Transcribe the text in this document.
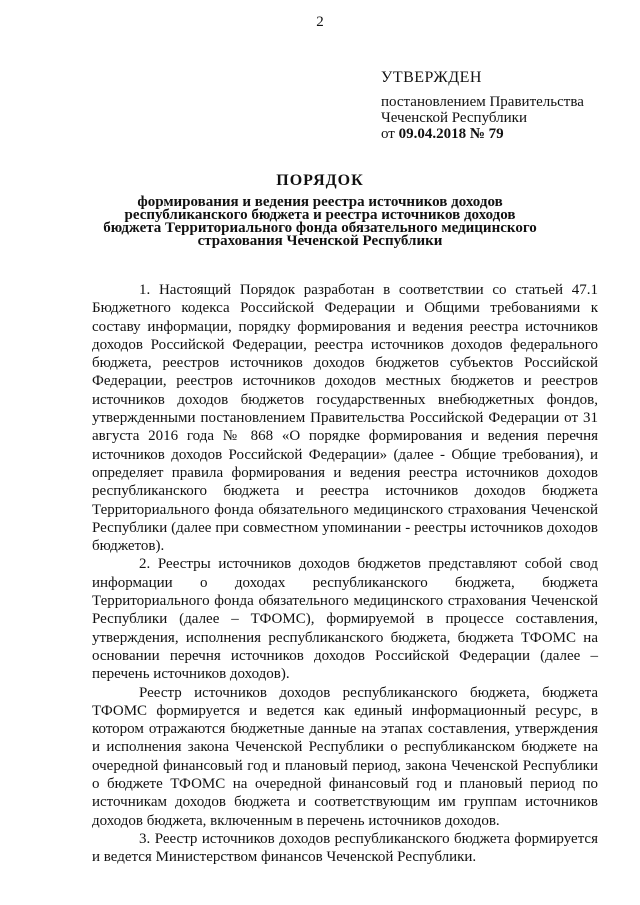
2
УТВЕРЖДЕН
постановлением Правительства
Чеченской Республики
от 09.04.2018 № 79
ПОРЯДОК
формирования и ведения реестра источников доходов республиканского бюджета и реестра источников доходов бюджета Территориального фонда обязательного медицинского страхования Чеченской Республики

1. Настоящий Порядок разработан в соответствии со статьей 47.1 Бюджетного кодекса Российской Федерации и Общими требованиями к составу информации, порядку формирования и ведения реестра источников доходов Российской Федерации, реестра источников доходов федерального бюджета, реестров источников доходов бюджетов субъектов Российской Федерации, реестров источников доходов местных бюджетов и реестров источников доходов бюджетов государственных внебюджетных фондов, утвержденными постановлением Правительства Российской Федерации от 31 августа 2016 года № 868 «О порядке формирования и ведения перечня источников доходов Российской Федерации» (далее - Общие требования), и определяет правила формирования и ведения реестра источников доходов республиканского бюджета и реестра источников доходов бюджета Территориального фонда обязательного медицинского страхования Чеченской Республики (далее при совместном упоминании - реестры источников доходов бюджетов).

2. Реестры источников доходов бюджетов представляют собой свод информации о доходах республиканского бюджета, бюджета Территориального фонда обязательного медицинского страхования Чеченской Республики (далее – ТФОМС), формируемой в процессе составления, утверждения, исполнения республиканского бюджета, бюджета ТФОМС на основании перечня источников доходов Российской Федерации (далее – перечень источников доходов).

Реестр источников доходов республиканского бюджета, бюджета ТФОМС формируется и ведется как единый информационный ресурс, в котором отражаются бюджетные данные на этапах составления, утверждения и исполнения закона Чеченской Республики о республиканском бюджете на очередной финансовый год и плановый период, закона Чеченской Республики о бюджете ТФОМС на очередной финансовый год и плановый период по источникам доходов бюджета и соответствующим им группам источников доходов бюджета, включенным в перечень источников доходов.

3. Реестр источников доходов республиканского бюджета формируется и ведется Министерством финансов Чеченской Республики.
